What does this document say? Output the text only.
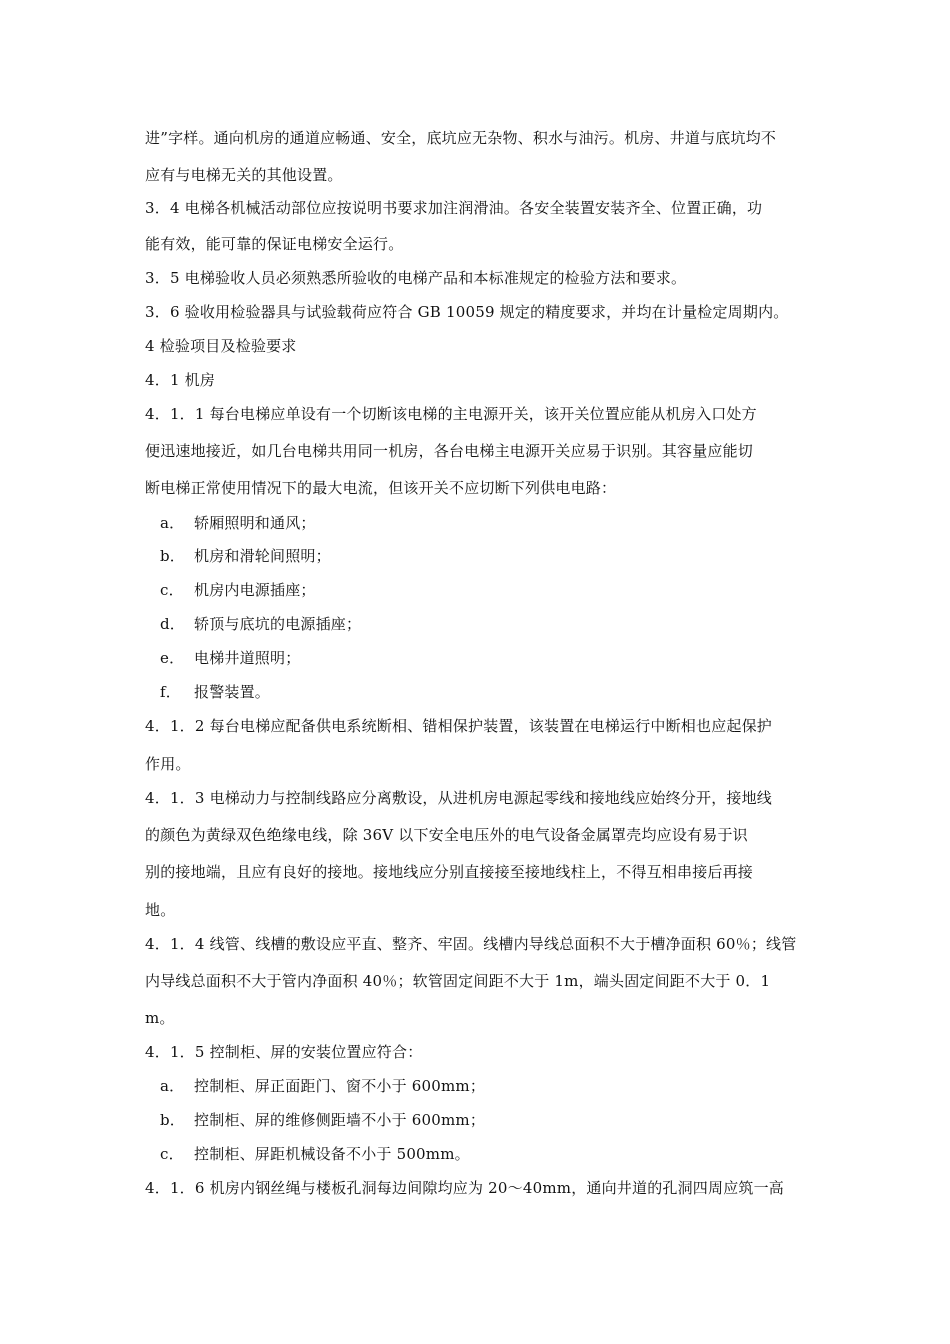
进”字样。通向机房的通道应畅通、安全，底坑应无杂物、积水与油污。机房、井道与底坑均不
应有与电梯无关的其他设置。
3．4 电梯各机械活动部位应按说明书要求加注润滑油。各安全装置安装齐全、位置正确，功
能有效，能可靠的保证电梯安全运行。
3．5 电梯验收人员必须熟悉所验收的电梯产品和本标准规定的检验方法和要求。
3．6 验收用检验器具与试验载荷应符合 GB 10059 规定的精度要求，并均在计量检定周期内。
4 检验项目及检验要求
4．1 机房
4．1．1 每台电梯应单设有一个切断该电梯的主电源开关，该开关位置应能从机房入口处方
便迅速地接近，如几台电梯共用同一机房，各台电梯主电源开关应易于识别。其容量应能切
断电梯正常使用情况下的最大电流，但该开关不应切断下列供电电路：
a． 轿厢照明和通风；
b． 机房和滑轮间照明；
c． 机房内电源插座；
d． 轿顶与底坑的电源插座；
e． 电梯井道照明；
f． 报警装置。
4．1．2 每台电梯应配备供电系统断相、错相保护装置，该装置在电梯运行中断相也应起保护
作用。
4．1．3 电梯动力与控制线路应分离敷设，从进机房电源起零线和接地线应始终分开，接地线
的颜色为黄绿双色绝缘电线，除 36V 以下安全电压外的电气设备金属罩壳均应设有易于识
别的接地端，且应有良好的接地。接地线应分别直接接至接地线柱上，不得互相串接后再接
地。
4．1．4 线管、线槽的敷设应平直、整齐、牢固。线槽内导线总面积不大于槽净面积 60％；线管
内导线总面积不大于管内净面积 40％；软管固定间距不大于 1m，端头固定间距不大于 0．1
m。
4．1．5 控制柜、屏的安装位置应符合：
a． 控制柜、屏正面距门、窗不小于 600mm；
b． 控制柜、屏的维修侧距墙不小于 600mm；
c． 控制柜、屏距机械设备不小于 500mm。
4．1．6 机房内钢丝绳与楼板孔洞每边间隙均应为 20～40mm，通向井道的孔洞四周应筑一高
